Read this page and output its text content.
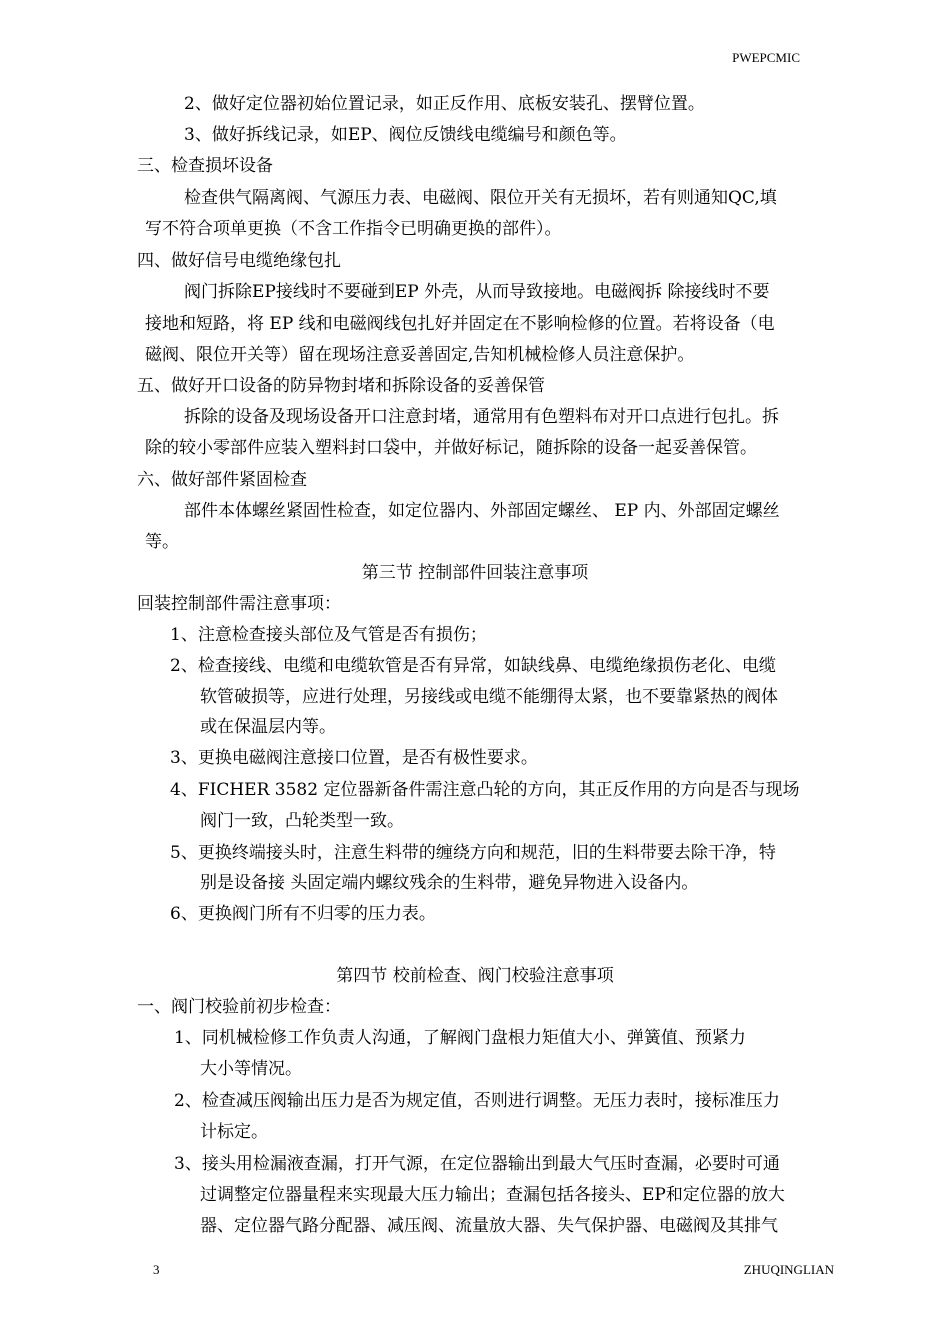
PWEPCMIC
2、做好定位器初始位置记录，如正反作用、底板安装孔、摆臂位置。
3、做好拆线记录，如EP、阀位反馈线电缆编号和颜色等。
三、检查损坏设备
检查供气隔离阀、气源压力表、电磁阀、限位开关有无损坏，若有则通知QC,填
写不符合项单更换（不含工作指令已明确更换的部件）。
四、做好信号电缆绝缘包扎
阀门拆除EP接线时不要碰到EP 外壳，从而导致接地。电磁阀拆 除接线时不要
接地和短路，将 EP 线和电磁阀线包扎好并固定在不影响检修的位置。若将设备（电
磁阀、限位开关等）留在现场注意妥善固定,告知机械检修人员注意保护。
五、做好开口设备的防异物封堵和拆除设备的妥善保管
拆除的设备及现场设备开口注意封堵，通常用有色塑料布对开口点进行包扎。拆
除的较小零部件应装入塑料封口袋中，并做好标记，随拆除的设备一起妥善保管。
六、做好部件紧固检查
部件本体螺丝紧固性检查，如定位器内、外部固定螺丝、 EP 内、外部固定螺丝
等。
第三节 控制部件回装注意事项
回装控制部件需注意事项：
1、注意检查接头部位及气管是否有损伤；
2、检查接线、电缆和电缆软管是否有异常，如缺线鼻、电缆绝缘损伤老化、电缆
软管破损等，应进行处理，另接线或电缆不能绷得太紧，也不要靠紧热的阀体
或在保温层内等。
3、更换电磁阀注意接口位置，是否有极性要求。
4、FICHER 3582 定位器新备件需注意凸轮的方向，其正反作用的方向是否与现场
阀门一致，凸轮类型一致。
5、更换终端接头时，注意生料带的缠绕方向和规范，旧的生料带要去除干净，特
别是设备接 头固定端内螺纹残余的生料带，避免异物进入设备内。
6、更换阀门所有不归零的压力表。
第四节 校前检查、阀门校验注意事项
一、阀门校验前初步检查：
1、同机械检修工作负责人沟通，了解阀门盘根力矩值大小、弹簧值、预紧力
大小等情况。
2、检查减压阀输出压力是否为规定值，否则进行调整。无压力表时，接标准压力
计标定。
3、接头用检漏液查漏，打开气源，在定位器输出到最大气压时查漏，必要时可通
过调整定位器量程来实现最大压力输出；查漏包括各接头、EP和定位器的放大
器、定位器气路分配器、减压阀、流量放大器、失气保护器、电磁阀及其排气
3	ZHUQINGLIAN
